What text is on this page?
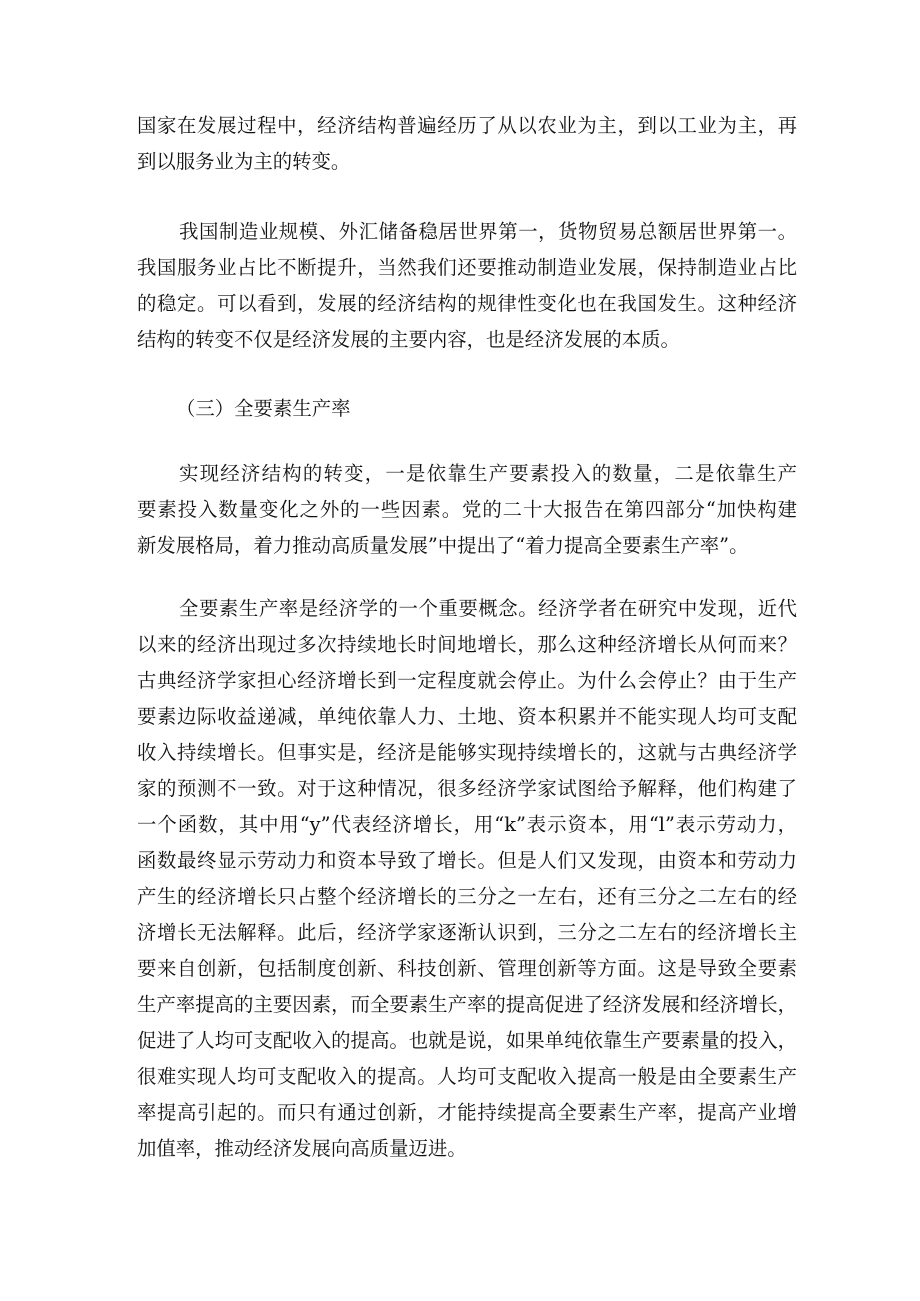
国家在发展过程中，经济结构普遍经历了从以农业为主，到以工业为主，再
到以服务业为主的转变。
我国制造业规模、外汇储备稳居世界第一，货物贸易总额居世界第一。
我国服务业占比不断提升，当然我们还要推动制造业发展，保持制造业占比
的稳定。可以看到，发展的经济结构的规律性变化也在我国发生。这种经济
结构的转变不仅是经济发展的主要内容，也是经济发展的本质。
（三）全要素生产率
实现经济结构的转变，一是依靠生产要素投入的数量，二是依靠生产
要素投入数量变化之外的一些因素。党的二十大报告在第四部分“加快构建
新发展格局，着力推动高质量发展”中提出了“着力提高全要素生产率”。
全要素生产率是经济学的一个重要概念。经济学者在研究中发现，近代
以来的经济出现过多次持续地长时间地增长，那么这种经济增长从何而来？
古典经济学家担心经济增长到一定程度就会停止。为什么会停止？由于生产
要素边际收益递减，单纯依靠人力、土地、资本积累并不能实现人均可支配
收入持续增长。但事实是，经济是能够实现持续增长的，这就与古典经济学
家的预测不一致。对于这种情况，很多经济学家试图给予解释，他们构建了
一个函数，其中用“y”代表经济增长，用“k”表示资本，用“l”表示劳动力，
函数最终显示劳动力和资本导致了增长。但是人们又发现，由资本和劳动力
产生的经济增长只占整个经济增长的三分之一左右，还有三分之二左右的经
济增长无法解释。此后，经济学家逐渐认识到，三分之二左右的经济增长主
要来自创新，包括制度创新、科技创新、管理创新等方面。这是导致全要素
生产率提高的主要因素，而全要素生产率的提高促进了经济发展和经济增长，
促进了人均可支配收入的提高。也就是说，如果单纯依靠生产要素量的投入，
很难实现人均可支配收入的提高。人均可支配收入提高一般是由全要素生产
率提高引起的。而只有通过创新，才能持续提高全要素生产率，提高产业增
加值率，推动经济发展向高质量迈进。
